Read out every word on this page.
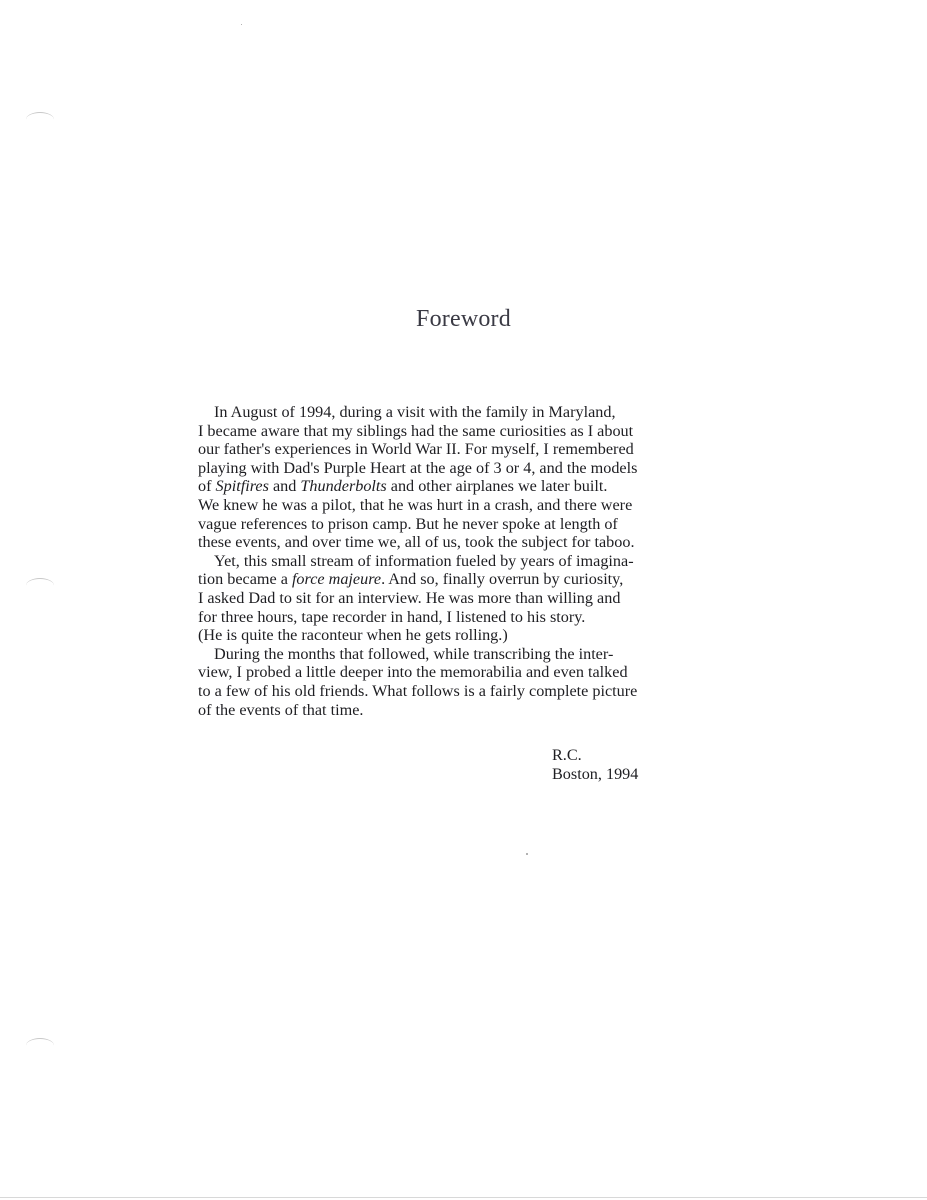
Foreword
In August of 1994, during a visit with the family in Maryland,
I became aware that my siblings had the same curiosities as I about
our father's experiences in World War II. For myself, I remembered
playing with Dad's Purple Heart at the age of 3 or 4, and the models
of Spitfires and Thunderbolts and other airplanes we later built.
We knew he was a pilot, that he was hurt in a crash, and there were
vague references to prison camp. But he never spoke at length of
these events, and over time we, all of us, took the subject for taboo.
Yet, this small stream of information fueled by years of imagina-
tion became a force majeure. And so, finally overrun by curiosity,
I asked Dad to sit for an interview. He was more than willing and
for three hours, tape recorder in hand, I listened to his story.
(He is quite the raconteur when he gets rolling.)
During the months that followed, while transcribing the inter-
view, I probed a little deeper into the memorabilia and even talked
to a few of his old friends. What follows is a fairly complete picture
of the events of that time.
R.C.
Boston, 1994
